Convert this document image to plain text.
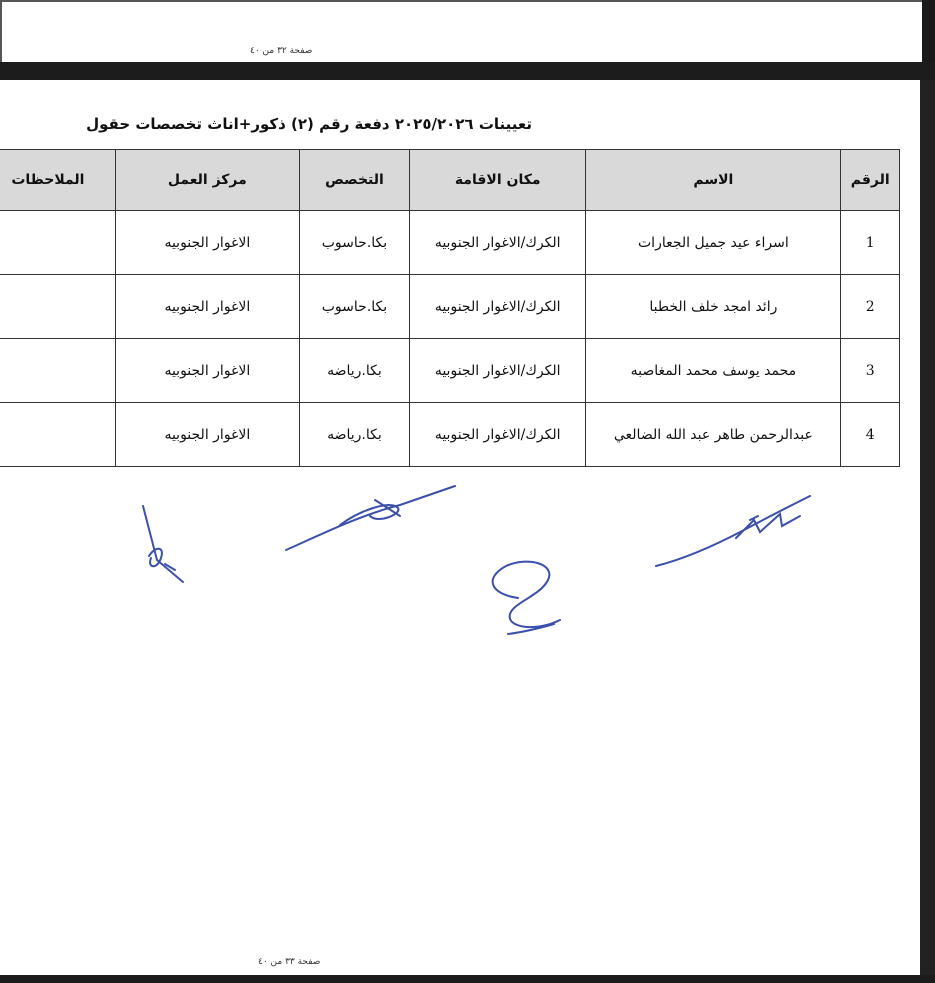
صفحة ٣٢ من ٤٠
تعيينات ٢٠٢٥/٢٠٢٦ دفعة رقم (٢) ذكور+اناث تخصصات حقول
الرقم	الاسم	مكان الاقامة	التخصص	مركز العمل	الملاحظات
1	اسراء عيد جميل الجعارات	الكرك/الاغوار الجنوبيه	بكا.حاسوب	الاغوار الجنوبيه	
2	رائد امجد خلف الخطبا	الكرك/الاغوار الجنوبيه	بكا.حاسوب	الاغوار الجنوبيه	
3	محمد يوسف محمد المغاصبه	الكرك/الاغوار الجنوبيه	بكا.رياضه	الاغوار الجنوبيه	
4	عبدالرحمن طاهر عبد الله الضالعي	الكرك/الاغوار الجنوبيه	بكا.رياضه	الاغوار الجنوبيه	
صفحة ٣٣ من ٤٠
